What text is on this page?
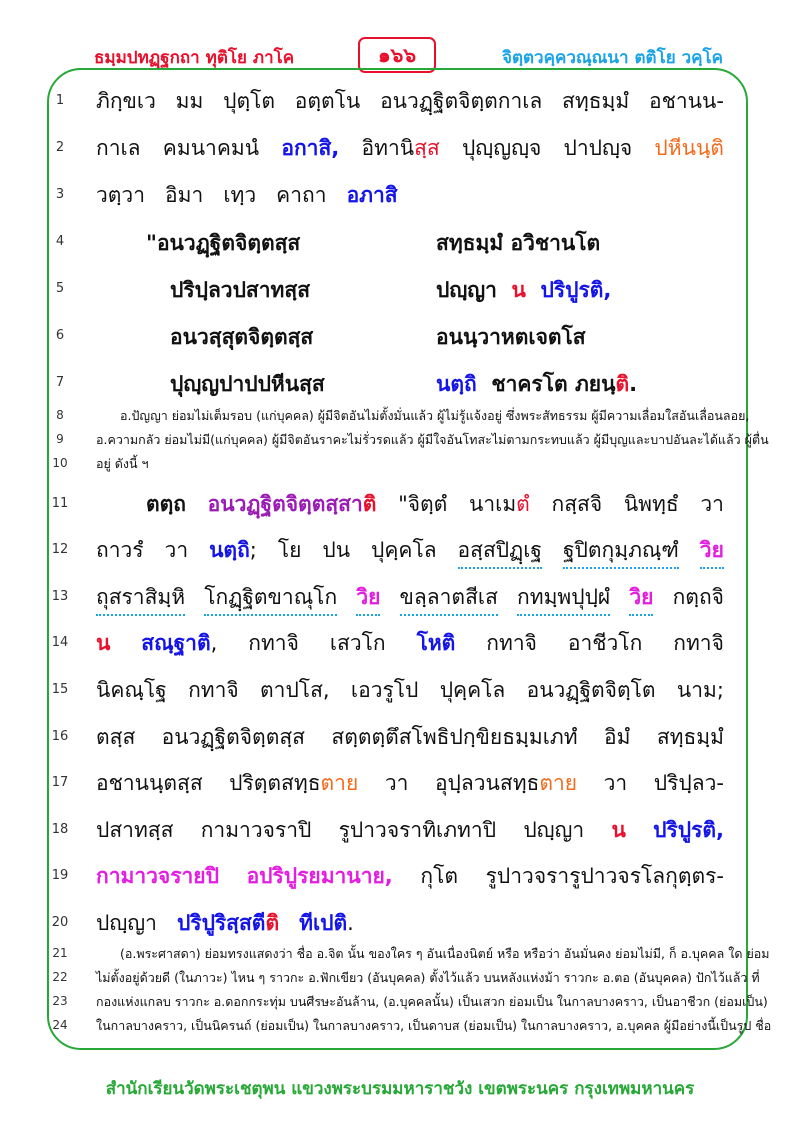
ธมฺมปทฏฺฐกถา ทุติโย ภาโค	๑๖๖	จิตฺตวคฺควณฺณนา ตติโย วคฺโค
1
2
3
4
5
6
7
8
9
10
11
12
13
14
15
16
17
18
19
20
21
22
23
24
ภิกฺขเว มม ปุตฺโต อตฺตโน อนวฏฺฐิตจิตฺตกาเล สทฺธมฺมํ อชานน-
กาเล คมนาคมนํ อกาสิ, อิทานิสฺส ปุญฺญญฺจ ปาปญฺจ ปหีนนฺติ
วตฺวา อิมา เทฺว คาถา อภาสิ
"อนวฏฺฐิตจิตฺตสฺส	สทฺธมฺมํ อวิชานโต
ปริปฺลวปสาทสฺส	ปญฺญา น ปริปูรติ,
อนวสฺสุตจิตฺตสฺส	อนนฺวาหตเจตโส
ปุญฺญปาปปหีนสฺส	นตฺถิ ชาครโต ภยนฺติ.
อ.ปัญญา ย่อมไม่เต็มรอบ (แก่บุคคล) ผู้มีจิตอันไม่ตั้งมั่นแล้ว ผู้ไม่รู้แจ้งอยู่ ซึ่งพระสัทธรรม ผู้มีความเลื่อมใสอันเลื่อนลอย,
อ.ความกลัว ย่อมไม่มี(แก่บุคคล) ผู้มีจิตอันราคะไม่รั่วรดแล้ว ผู้มีใจอันโทสะไม่ตามกระทบแล้ว ผู้มีบุญและบาปอันละได้แล้ว ผู้ตื่น
อยู่ ดังนี้ ฯ
ตตฺถ อนวฏฺฐิตจิตฺตสฺสาติ "จิตฺตํ นาเมตํ กสฺสจิ นิพทฺธํ วา
ถาวรํ วา นตฺถิ; โย ปน ปุคฺคโล อสฺสปิฏฺเฐ ฐปิตกุมฺภณฺฑํ วิย
ถุสราสิมฺหิ โกฏฺฐิตขาณุโก วิย ขลฺลาตสีเส กทมฺพปุปฺผํ วิย กตฺถจิ
น สณฺฐาติ, กทาจิ เสวโก โหติ กทาจิ อาชีวโก กทาจิ
นิคณฺโฐ กทาจิ ตาปโส, เอวรูโป ปุคฺคโล อนวฏฺฐิตจิตฺโต นาม;
ตสฺส อนวฏฺฐิตจิตฺตสฺส สตฺตตฺตึสโพธิปกฺขิยธมฺมเภทํ อิมํ สทฺธมฺมํ
อชานนฺตสฺส ปริตฺตสทฺธตาย วา อุปฺลวนสทฺธตาย วา ปริปฺลว-
ปสาทสฺส กามาวจราปิ รูปาวจราทิเภทาปิ ปญฺญา น ปริปูรติ,
กามาวจรายปิ อปริปูรยมานาย, กุโต รูปาวจรารูปาวจรโลกุตฺตร-
ปญฺญา ปริปูริสฺสตีติ ทีเปติ.
(อ.พระศาสดา) ย่อมทรงแสดงว่า ชื่อ อ.จิต นั้น ของใคร ๆ อันเนื่องนิตย์ หรือ หรือว่า อันมั่นคง ย่อมไม่มี, ก็ อ.บุคคล ใด ย่อม
ไม่ตั้งอยู่ด้วยดี (ในภาวะ) ไหน ๆ ราวกะ อ.ฟักเขียว (อันบุคคล) ตั้งไว้แล้ว บนหลังแห่งม้า ราวกะ อ.ตอ (อันบุคคล) ปักไว้แล้ว ที่
กองแห่งแกลบ ราวกะ อ.ดอกกระทุ่ม บนศีรษะอันล้าน, (อ.บุคคลนั้น) เป็นเสวก ย่อมเป็น ในกาลบางคราว, เป็นอาชีวก (ย่อมเป็น)
ในกาลบางคราว, เป็นนิครนถ์ (ย่อมเป็น) ในกาลบางคราว, เป็นดาบส (ย่อมเป็น) ในกาลบางคราว, อ.บุคคล ผู้มีอย่างนี้เป็นรูป ชื่อ
สำนักเรียนวัดพระเชตุพน แขวงพระบรมมหาราชวัง เขตพระนคร กรุงเทพมหานคร
